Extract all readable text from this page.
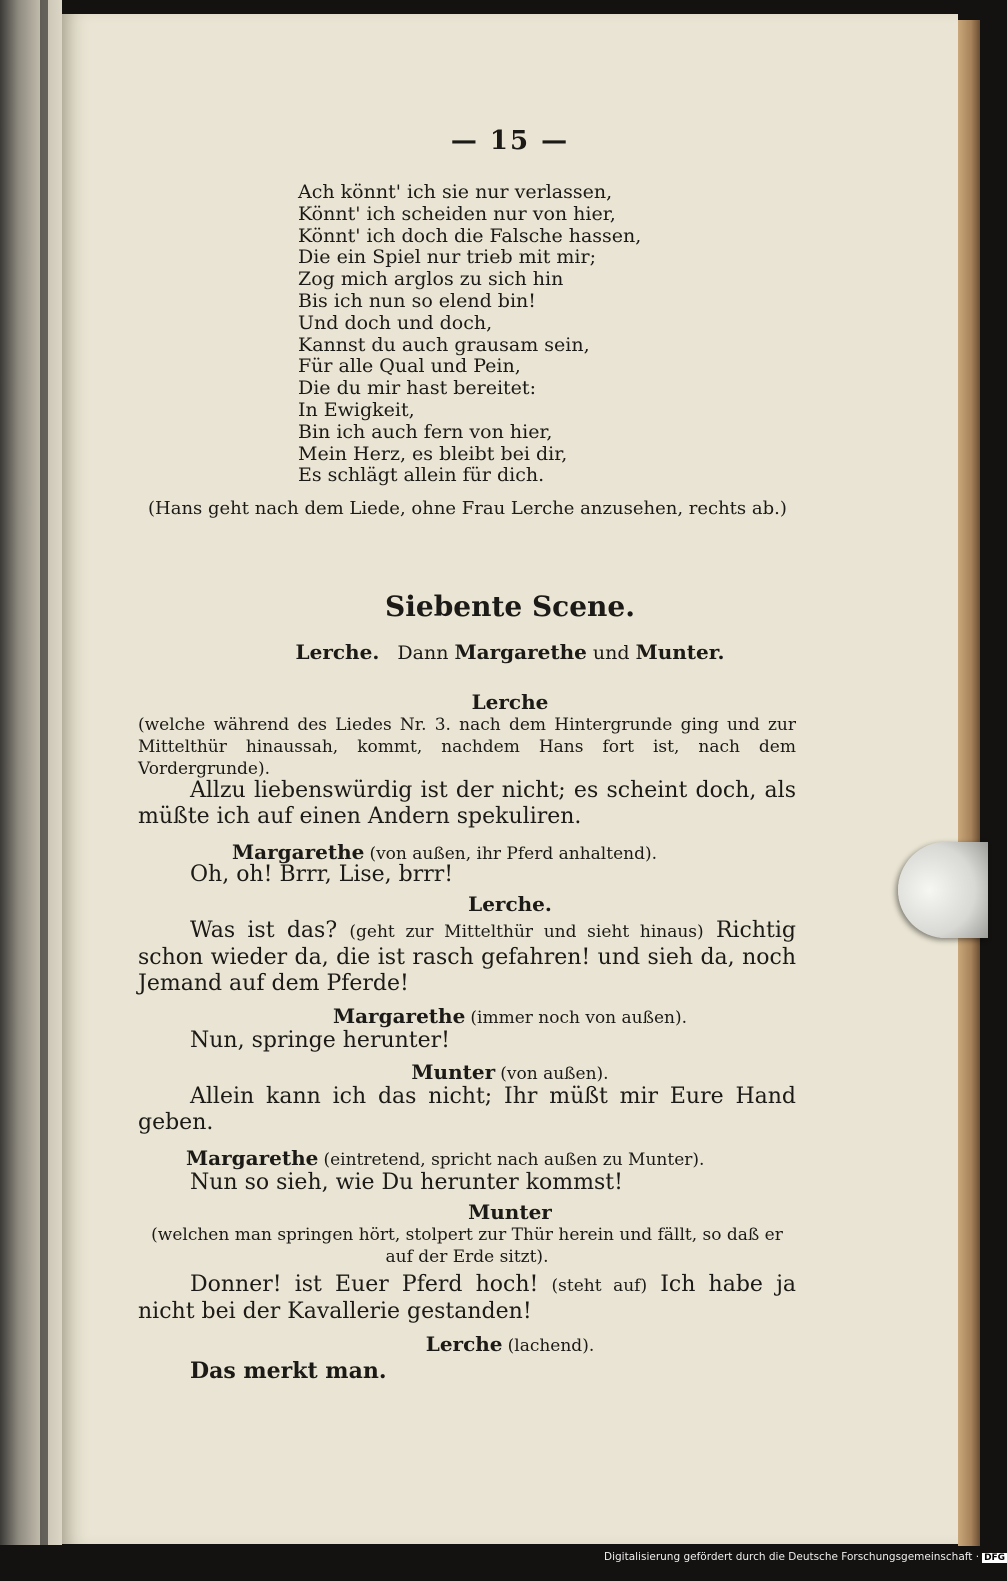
— 15 —
Ach könnt' ich sie nur verlassen,
Könnt' ich scheiden nur von hier,
Könnt' ich doch die Falsche hassen,
Die ein Spiel nur trieb mit mir;
Zog mich arglos zu sich hin
Bis ich nun so elend bin!
Und doch und doch,
Kannst du auch grausam sein,
Für alle Qual und Pein,
Die du mir hast bereitet:
In Ewigkeit,
Bin ich auch fern von hier,
Mein Herz, es bleibt bei dir,
Es schlägt allein für dich.
(Hans geht nach dem Liede, ohne Frau Lerche anzusehen, rechts ab.)
Siebente Scene.
Lerche. Dann Margarethe und Munter.
Lerche
(welche während des Liedes Nr. 3. nach dem Hintergrunde ging und zur Mittelthür hinaussah, kommt, nachdem Hans fort ist, nach dem Vordergrunde).
Allzu liebenswürdig ist der nicht; es scheint doch, als müßte ich auf einen Andern spekuliren.
Margarethe (von außen, ihr Pferd anhaltend).
Oh, oh! Brrr, Lise, brrr!
Lerche.
Was ist das? (geht zur Mittelthür und sieht hinaus) Richtig schon wieder da, die ist rasch gefahren! und sieh da, noch Jemand auf dem Pferde!
Margarethe (immer noch von außen).
Nun, springe herunter!
Munter (von außen).
Allein kann ich das nicht; Ihr müßt mir Eure Hand geben.
Margarethe (eintretend, spricht nach außen zu Munter).
Nun so sieh, wie Du herunter kommst!
Munter
(welchen man springen hört, stolpert zur Thür herein und fällt, so daß er auf der Erde sitzt).
Donner! ist Euer Pferd hoch! (steht auf) Ich habe ja nicht bei der Kavallerie gestanden!
Lerche (lachend).
Das merkt man.
Digitalisierung gefördert durch die Deutsche Forschungsgemeinschaft · DFG
